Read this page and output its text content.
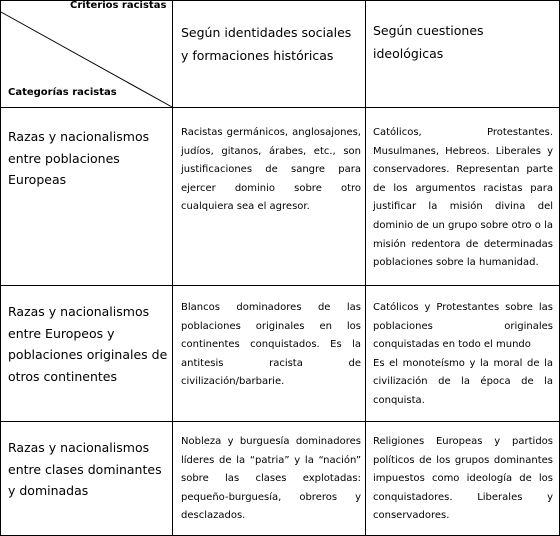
Criterios racistas
Categorías racistas
Según identidades sociales y formaciones históricas
Según cuestiones ideológicas
Razas y nacionalismos entre poblaciones Europeas
Racistas germánicos, anglosajones, judíos, gitanos, árabes, etc., son justificaciones de sangre para ejercer dominio sobre otro cualquiera sea el agresor.
Católicos, Protestantes. Musulmanes, Hebreos. Liberales y conservadores. Representan parte de los argumentos racistas para justificar la misión divina del dominio de un grupo sobre otro o la misión redentora de determinadas poblaciones sobre la humanidad.
Razas y nacionalismos entre Europeos y poblaciones originales de otros continentes
Blancos dominadores de las poblaciones originales en los continentes conquistados. Es la antitesis racista de civilización/barbarie.
Católicos y Protestantes sobre las poblaciones originales conquistadas en todo el mundo
Es el monoteísmo y la moral de la civilización de la época de la conquista.
Razas y nacionalismos entre clases dominantes y dominadas
Nobleza y burguesía dominadores líderes de la “patria” y la “nación” sobre las clases explotadas: pequeño-burguesía, obreros y desclazados.
Religiones Europeas y partidos políticos de los grupos dominantes impuestos como ideología de los conquistadores. Liberales y conservadores.
